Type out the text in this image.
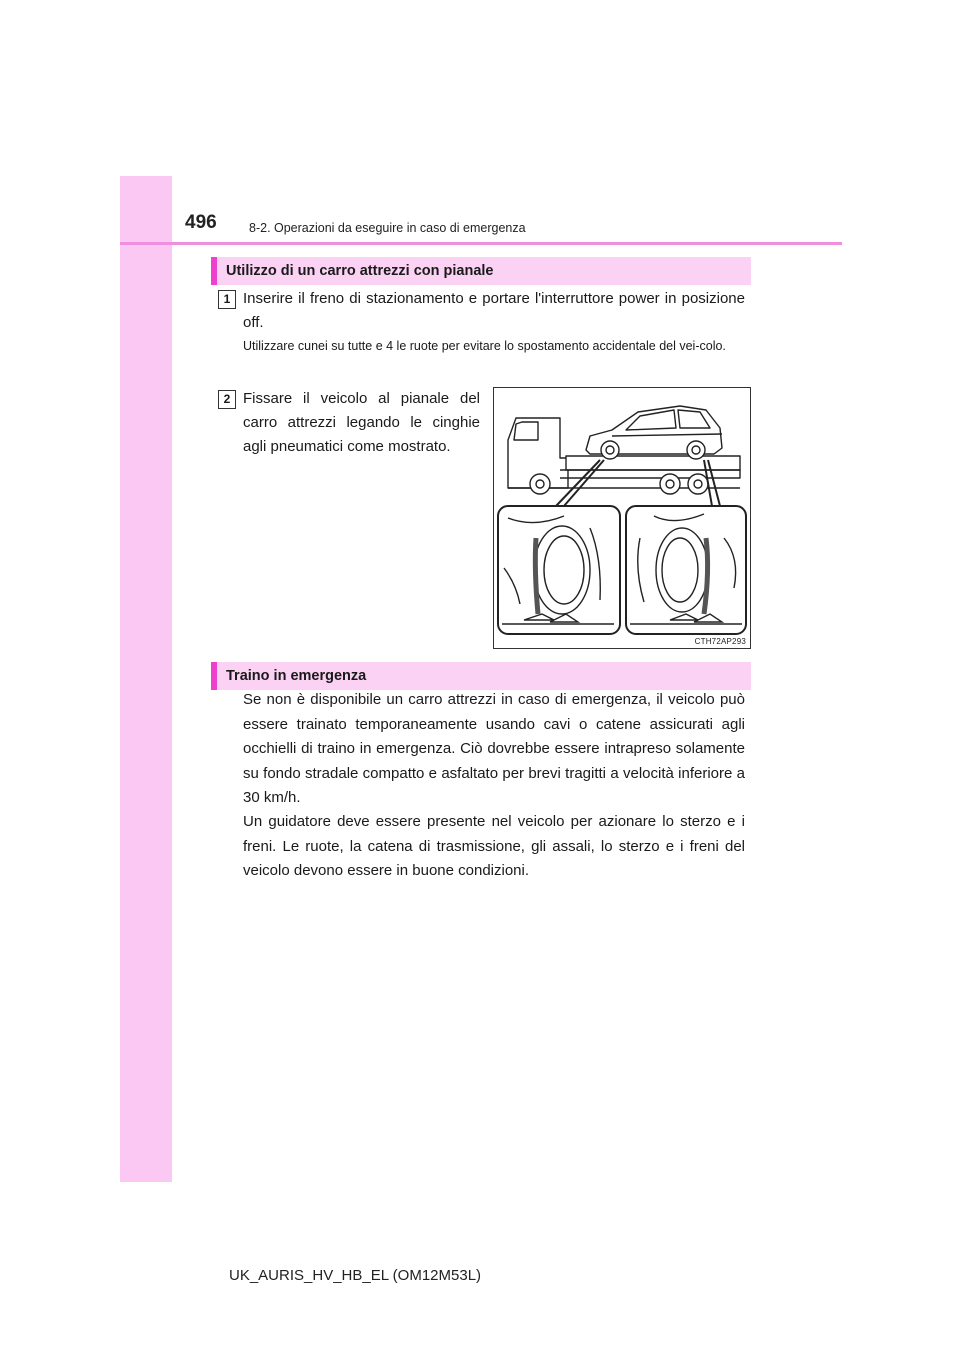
496	8-2. Operazioni da eseguire in caso di emergenza
Utilizzo di un carro attrezzi con pianale
1 Inserire il freno di stazionamento e portare l'interruttore power in posizione off.
Utilizzare cunei su tutte e 4 le ruote per evitare lo spostamento accidentale del vei-colo.
2 Fissare il veicolo al pianale del carro attrezzi legando le cinghie agli pneumatici come mostrato.
CTH72AP293
Traino in emergenza
Se non è disponibile un carro attrezzi in caso di emergenza, il veicolo può essere trainato temporaneamente usando cavi o catene assicurati agli occhielli di traino in emergenza. Ciò dovrebbe essere intrapreso solamente su fondo stradale compatto e asfaltato per brevi tragitti a velocità inferiore a 30 km/h.
Un guidatore deve essere presente nel veicolo per azionare lo sterzo e i freni. Le ruote, la catena di trasmissione, gli assali, lo sterzo e i freni del veicolo devono essere in buone condizioni.
UK_AURIS_HV_HB_EL (OM12M53L)
